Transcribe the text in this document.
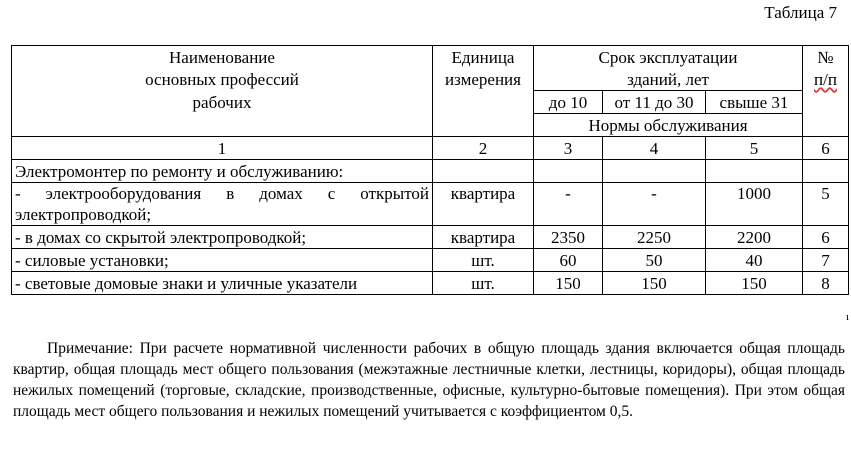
Таблица 7
Наименование	Единица	Срок эксплуатации			№
основных профессий	измерения	зданий, лет			п/п
рабочих		до 10	от 11 до 30	свыше 31	
		Нормы обслуживания			
1	2	3	4	5	6
Электромонтер по ремонту и обслуживанию:					

- электрооборудования в домах с открытой
электропроводкой;	квартира	-	-	1000	5
- в домах со скрытой электропроводкой;	квартира	2350	2250	2200	6
- силовые установки;	шт.	60	50	40	7
- световые домовые знаки и уличные указатели	шт.	150	150	150	8
ı
Примечание: При расчете нормативной численности рабочих в общую площадь здания включается общая площадь квартир, общая площадь мест общего пользования (межэтажные лестничные клетки, лестницы, коридоры), общая площадь нежилых помещений (торговые, складские, производственные, офисные, культурно-бытовые помещения). При этом общая площадь мест общего пользования и нежилых помещений учитывается с коэффициентом 0,5.
